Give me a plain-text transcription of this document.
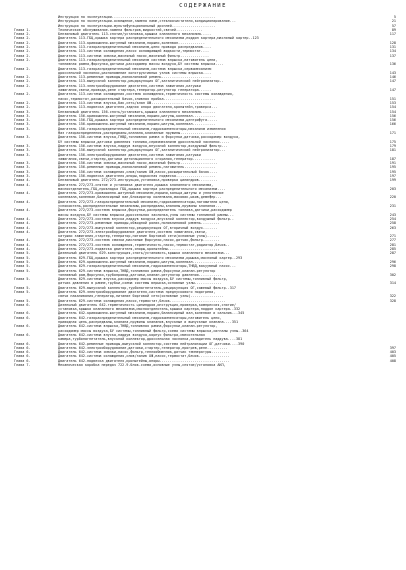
СОДЕРЖАНИЕ
Инструкция по эксплуатации..................................................	5
Инструкция по эксплуатации-освещение,замена ламп,стеклоочистители,кондиционирование...	21
Инструкция по эксплуатации-мультифункциональный дисплей.....................	57
Глава 1.	Техническое обслуживание-замена фильтров,жидкостей,свечей.............	89
Глава 2.	Бензиновый двигатель 113-снятие/установка,крышка клапанного механизма.....	117
Глава 2.	Двигатель 113-ГБЦ,крышка картера распределительного механизма,поддон картера,масляный картер..123
Глава 2.	Двигатель 113-кривошипно-шатунный механизм,поршни,коленвал.............	128
Глава 2.	Двигатель 113-газораспределительный механизм,цепи привода распредвалов....	131
Глава 2.	Двигатель 113-система охлаждения,насос охлаждающей жидкости,термостат....	134
Глава 2.	Двигатель 113-система смазки,масляный насос,масляный фильтр..............	137
Глава 2.	Двигатель 113-газораспределительный механизм система впрыска,натяжитель цепи,
топливная рампа,форсунки,датчики,расходомер массы воздуха,БУ системы впрыска....	136
Глава 2.	Двигатель 113-газораспределительный механизм,система впрыска,сервомеханизм
дроссельной заслонки,расположение конструктивных узлов системы впрыска....	143
Глава 2.	Двигатель 113-ременные приводы,поликлиновой ремень........................	146
Глава 2.	Двигатель 113-выпускной коллектор,рециркуляция ОГ,каталитический нейтрализатор..	147
Глава 2.	Двигатель 113-электрооборудование двигателя,система зажигания,катушки
зажигания,свечи,провода,реле стартера,генератор-регулятор генератора......	147
Глава 2.	Двигатель 113-система охлаждения,система охлаждения,герметичность системы охлаждения,
насос,термостат,расширительный бачок,сливная пробка.........................	151
Глава 2.	Двигатель 113-система впуска,бак,сеть/клап ОЖ.............................	153
Глава 2.	Двигатель 113-подвеска двигателя,задняя опора двигателя,кронштейн,траверса...	154
Глава 3.	Бензиновый двигатель 156-снять/установить,крышка клапанного механизма.......	154
Глава 3.	Двигатель 156-кривошипно-шатунный механизм,поршни,шатуны,коленвал...........	156
Глава 3.	Двигатель 156-ГБЦ,крышка картера распределительного механизма,центрифуга.....	156
Глава 3.	Двигатель 156-кривошипно-шатунный механизм,поршни,шатуны,коленвал...........	166
Глава 3.	Двигатель 156-газораспределительный механизм,гидрокомпенсаторы,механизм изменения
фаз газораспределения,распредвалы,клапана,клапанные пружины.................	171
Глава 3.	Двигатель 156-система впуска,ГНВД,топливная рампа и форсунки,датчики,расходомер воздуха,
БУ системы впрыска,датчики давления топлива,сервомеханизм дроссельной заслонки.....	175
Глава 3.	Двигатель 156-система впуска,наддув воздуха,впускной коллектор,воздушный фильтр...	179
Глава 3.	Двигатель 156-выпускной коллектор,рециркуляция ОГ,каталитический нейтрализатор...	181
Глава 3.	Двигатель 156-электрооборудование двигателя,система зажигания,катушки
зажигания,свечи,стартер,датчики детонационного сгорания,генератор...........	187
Глава 3.	Двигатель 156-система смазки,масляный насос,масляный фильтр..................	191
Глава 3.	Двигатель 156-ременные приводы,поликлиновой ремень,натяжитель...............	195
Глава 3.	Двигатель 156-система охлаждения,слив/залив ОЖ,насос,расширительный бачок....	195
Глава 3.	Двигатель 156-подвеска двигателя,опоры,подкосная подвеска...................	197
Глава 4.	Бензиновый двигатель 272/273-инструкция,установка,проверка цилиндров.........	199
Глава 4.	Двигатель 272/273-снятие и установка двигателя,крышка клапанного механизма,
маслоотделитель,ГБЦ,прокладка ГБЦ,крышка картера распределительного механизма....	203
Глава 4.	Двигатель 272/273-кривошипно-шатунный механизм,поршни,кольца,шатуны и уплотнение
коленвала,коленвал,балансирный вал,блокиратор коленвала,маховик,шкив,демпфер...	220
Глава 4.	Двигатель 272/273-газораспределительный механизм,гидрокомпенсаторы,натяжители цепи,
успокоитель,распределительные механизмы,распредвалы,клапаны,пружины клапанов...	231
Глава 4.	Двигатель 272/273-система впрыска,форсунки,распределитель топлива,датчики,расходомер
массы воздуха,БУ системы впрыска,дроссельная заслонка,узлы системы топливной рампы...	243
Глава 4.	Двигатель 272/273-система впуска,наддув воздуха,впускной коллектор,воздушный фильтр..	254
Глава 4.	Двигатель 272/273-ременные приводы,обводной ролик,поликлиновой ремень.........	258
Глава 4.	Двигатель 272/273-выпускной коллектор,рециркуляция ОГ,вторичный воздух.......	263
Глава 4.	Двигатель 272/273-электрооборудование двигателя,система зажигания,свечи,
катушки зажигания,стартер,генератор,питание бортовой сети(основные узлы)......	271
Глава 4.	Двигатель 272/273-система смазки,масляные форсунки,насос,датчик,фильтр........	277
Глава 4.	Двигатель 272/273-система охлаждения,герметичность,насос,термостат,радиатор,бачок..	281
Глава 4.	Двигатель 272/273-подвеска двигателя,опоры,кронштейны.........................	285
Глава 5.	Дизельный двигатель 629-конструкция,снять/установить,крышка клапанного механизма...	287
Глава 5.	Двигатель 629-ГБЦ,крышка картера распределительного механизма,крышка,масляный картер..293
Глава 5.	Двигатель 629-кривошипно-шатунный механизм,поршни,шатуны,коленвал...............	296
Глава 5.	Двигатель 629-газораспределительный механизм,гидрокомпенсаторы,ТНВД,вакуумный насос...	298
Глава 5.	Двигатель 629-система впрыска,ТНВД,топливная рампа,форсунки,клапан-регулятор
топливный рам,форсунки,трубопровод,датчики,клапан-регулятор давления...........	302
Глава 5.	Двигатель 629-система впуска,расходомер массы воздуха,БУ системы,топливный фильтр,
датчик давления в рампе,трубки,схема системы впрыска,основные узлы.............	314
Глава 5.	Двигатель 629-выпускной коллектор,турбонагнетатель,рециркуляция ОГ,сажевый фильтр..317
Глава 5.	Двигатель 629-электрооборудование двигателя,система предпускового подогрева,
свечи накаливания,генератор,питание бортовой сети(основные узлы)................	322
Глава 5.	Двигатель 629-система охлаждения,насос,термостат,бачок...........................	328
Глава 6.	Дизельный двигатель 642-герметичность цилиндров,инструкция,проверка,компрессия,снятие/
установка,крышка клапанного механизма,маслоотделитель,крышка картера,поддон картера..332
Глава 6.	Двигатель 642-кривошипно-шатунный механизм,поршни,балансирный вал,коленвал и сальник...345
Глава 6.	Двигатель 642-газораспределительный механизм,гидрокомпенсаторы,натяжитель цепи,
приводная цепь,распредвалы,клапана,пружины клапанов,впускные и выпускные клапана....351
Глава 6.	Двигатель 642-система впрыска,ТНВД,топливная рампа,форсунки,клапан-регулятор,
расходомер массы воздуха,БУ системы,топливный фильтр,схема системы впрыска,сигналы узлы..364
Глава 6.	Двигатель 642-система впуска,наддув воздуха,корпус фильтра,смесительная
камера,турбонагнетатель,впускной коллектор,дроссельная заслонка,охладитель наддува....381
Глава 6.	Двигатель 642-ременные приводы,выпускной коллектор,система нейтрализации ОГ,датчики....390
Глава 6.	Двигатель 642-электрооборудование,датчики,стартер,генератор,прогрев,реле..........	397
Глава 6.	Двигатель 642-система смазки,насос,фильтр,теплообменник,датчик температуры.........	403
Глава 6.	Двигатель 642-система охлаждения,слив/залив ОЖ,насос,термостат,бачок...............	405
Глава 6.	Двигатель 642-подвеска двигателя,кронштейны,опоры..................................	408
Глава 7.	Механическая коробка передач 722.9-блок-схема,основные узлы,снятие/установка АКП,
